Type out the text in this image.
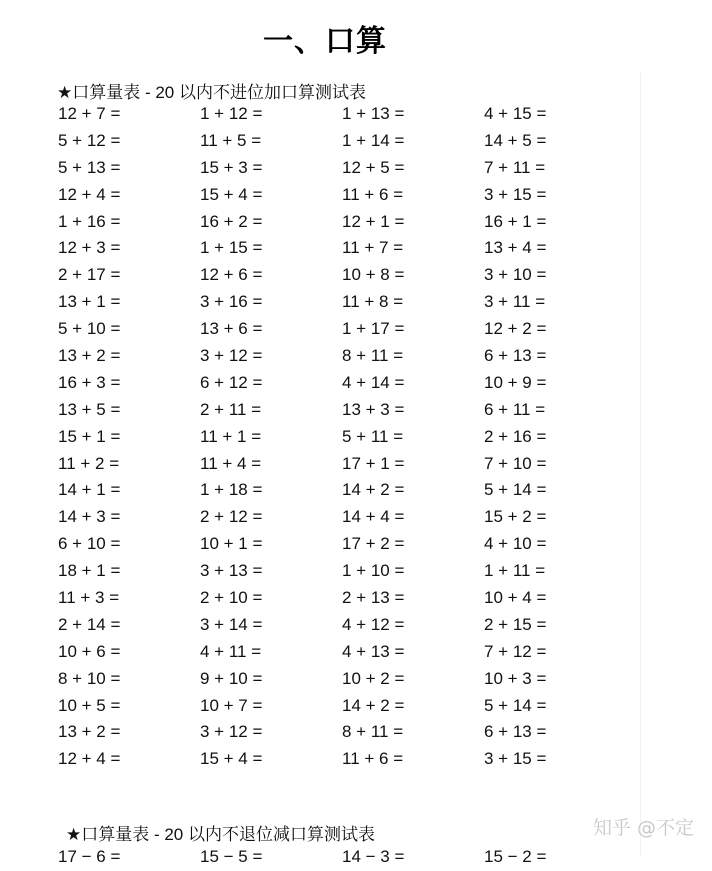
一、口算
★口算量表 - 20 以内不进位加口算测试表
12 + 7 =	1 + 12 =	1 + 13 =	4 + 15 =
5 + 12 =	11 + 5 =	1 + 14 =	14 + 5 =
5 + 13 =	15 + 3 =	12 + 5 =	7 + 11 =
12 + 4 =	15 + 4 =	11 + 6 =	3 + 15 =
1 + 16 =	16 + 2 =	12 + 1 =	16 + 1 =
12 + 3 =	1 + 15 =	11 + 7 =	13 + 4 =
2 + 17 =	12 + 6 =	10 + 8 =	3 + 10 =
13 + 1 =	3 + 16 =	11 + 8 =	3 + 11 =
5 + 10 =	13 + 6 =	1 + 17 =	12 + 2 =
13 + 2 =	3 + 12 =	8 + 11 =	6 + 13 =
16 + 3 =	6 + 12 =	4 + 14 =	10 + 9 =
13 + 5 =	2 + 11 =	13 + 3 =	6 + 11 =
15 + 1 =	11 + 1 =	5 + 11 =	2 + 16 =
11 + 2 =	11 + 4 =	17 + 1 =	7 + 10 =
14 + 1 =	1 + 18 =	14 + 2 =	5 + 14 =
14 + 3 =	2 + 12 =	14 + 4 =	15 + 2 =
6 + 10 =	10 + 1 =	17 + 2 =	4 + 10 =
18 + 1 =	3 + 13 =	1 + 10 =	1 + 11 =
11 + 3 =	2 + 10 =	2 + 13 =	10 + 4 =
2 + 14 =	3 + 14 =	4 + 12 =	2 + 15 =
10 + 6 =	4 + 11 =	4 + 13 =	7 + 12 =
8 + 10 =	9 + 10 =	10 + 2 =	10 + 3 =
10 + 5 =	10 + 7 =	14 + 2 =	5 + 14 =
13 + 2 =	3 + 12 =	8 + 11 =	6 + 13 =
12 + 4 =	15 + 4 =	11 + 6 =	3 + 15 =
★口算量表 - 20 以内不退位减口算测试表
17 − 6 =	15 − 5 =	14 − 3 =	15 − 2 =
知乎 @不定
